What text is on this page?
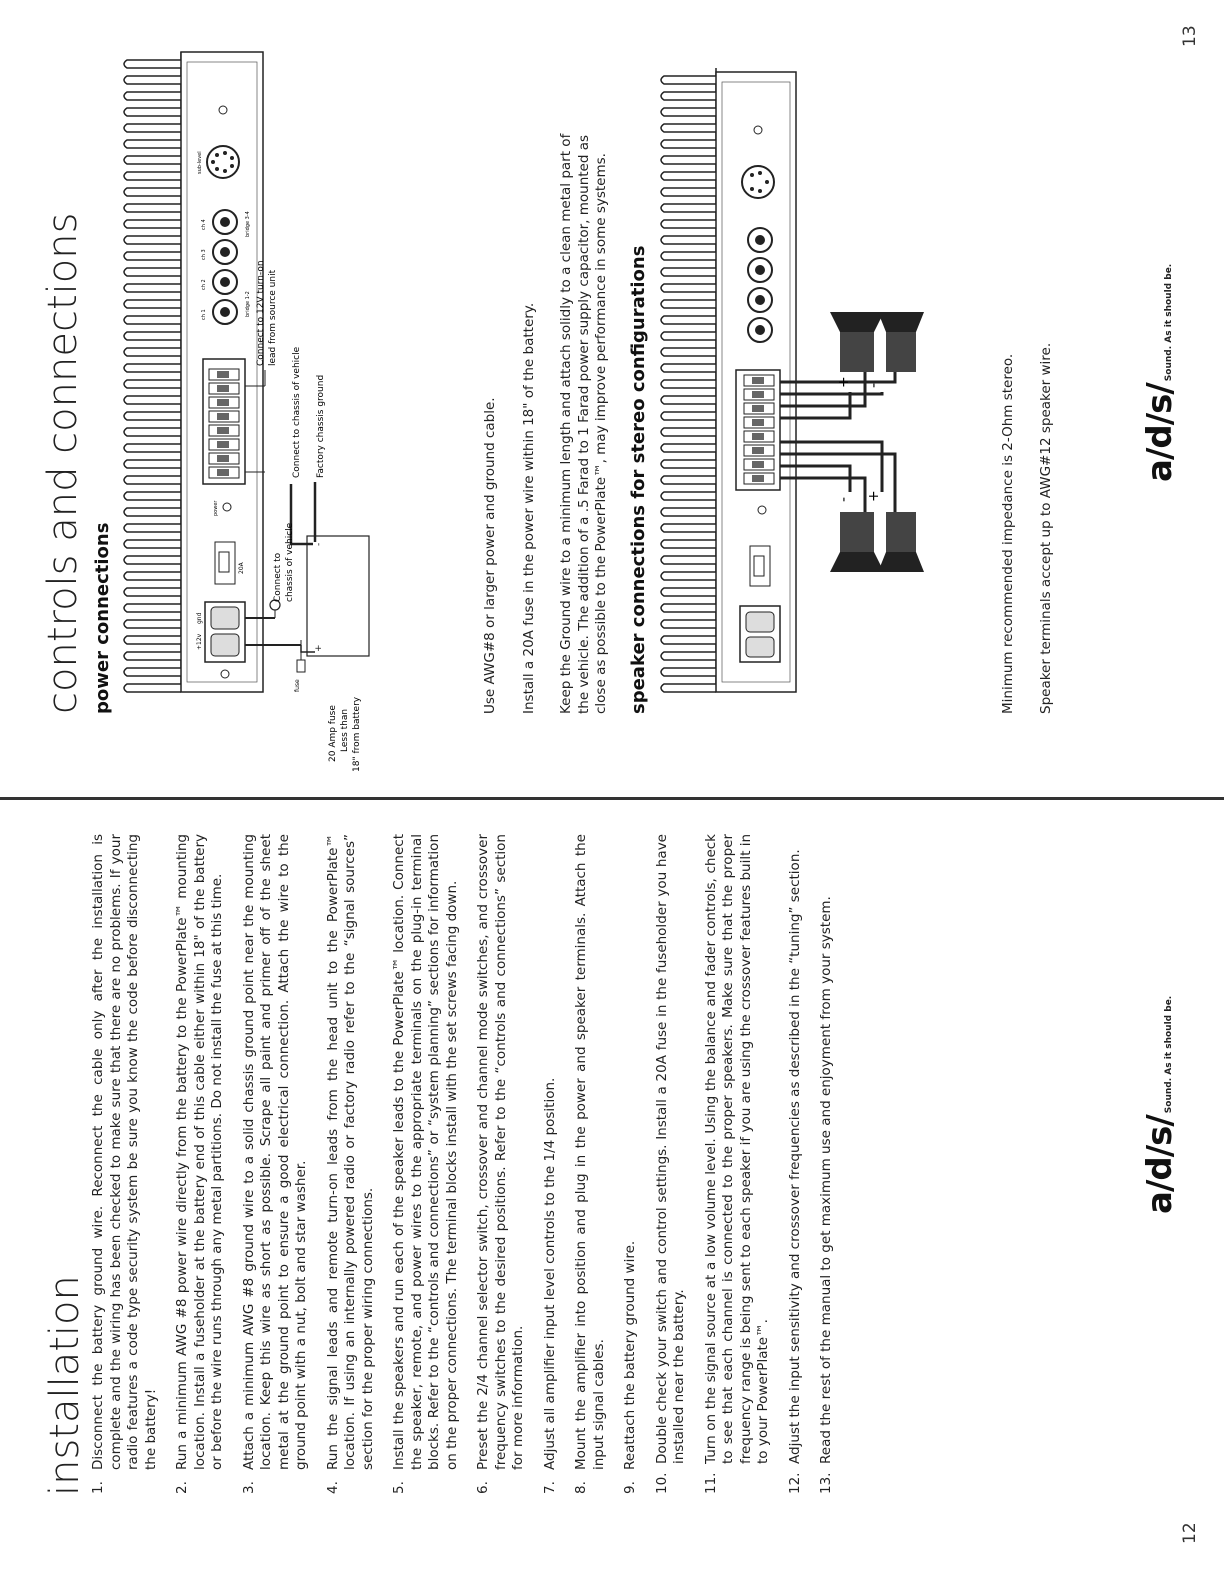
installation 1.
Disconnect the battery ground wire. Reconnect the cable only after the installation is complete and the wiring has been checked to make sure that there are no problems. If your radio features a code type security system be sure you know the code before disconnecting the battery!
2.
Run a minimum AWG #8 power wire directly from the battery to the PowerPlate™ mounting location. Install a fuseholder at the battery end of this cable either within 18" of the battery or before the wire runs through any metal partitions. Do not install the fuse at this time.
3.
Attach a minimum AWG #8 ground wire to a solid chassis ground point near the mounting location. Keep this wire as short as possible. Scrape all paint and primer off of the sheet metal at the ground point to ensure a good electrical connection. Attach the wire to the ground point with a nut, bolt and star washer.
4.
Run the signal leads and remote turn-on leads from the head unit to the PowerPlate™ location. If using an internally powered radio or factory radio refer to the “signal sources” section for the proper wiring connections.
5.
Install the speakers and run each of the speaker leads to the PowerPlate™ location. Connect the speaker, remote, and power wires to the appropriate terminals on the plug-in terminal blocks. Refer to the “controls and connections” or “system planning” sections for information on the proper connections. The terminal blocks install with the set screws facing down.
6.
Preset the 2/4 channel selector switch, crossover and channel mode switches, and crossover frequency switches to the desired positions. Refer to the “controls and connections” section for more information.
7.
Adjust all amplifier input level controls to the 1/4 position.
8.
Mount the amplifier into position and plug in the power and speaker terminals. Attach the input signal cables.
9.
Reattach the battery ground wire.
10.
Double check your switch and control settings. Install a 20A fuse in the fuseholder you have installed near the battery.
11.
Turn on the signal source at a low volume level. Using the balance and fader controls, check to see that each channel is connected to the proper speakers. Make sure that the proper frequency range is being sent to each speaker if you are using the crossover features built in to your PowerPlate™.
12.
Adjust the input sensitivity and crossover frequencies as described in the “tuning” section.
13.
Read the rest of the manual to get maximum use and enjoyment from your system.	a/d/s/Sound. As it should be.
12
controls and connections power connections	+12v
gnd
20A
power
ch 1
ch 2
ch 3
ch 4
bridge 1-2
bridge 3-4
sub-level
+
-
fuse
20 Amp fuse Less than 18" from battery
Connect to chassis of vehicle
Connect to 12V turn-on lead from source unit
Connect to chassis of vehicle Factory chassis ground	Use AWG#8 or larger power and ground cable. Install a 20A fuse in the power wire within 18" of the battery. Keep the Ground wire to a minimum length and attach solidly to a clean metal part of the vehicle. The addition of a .5 Farad to 1 Farad power supply capacitor, mounted as close as possible to the PowerPlate™, may improve performance in some systems. speaker connections for stereo configurations	- +
+ -	Minimum recommended impedance is 2-Ohm stereo. Speaker terminals accept up to AWG#12 speaker wire.	a/d/s/Sound. As it should be.
13
